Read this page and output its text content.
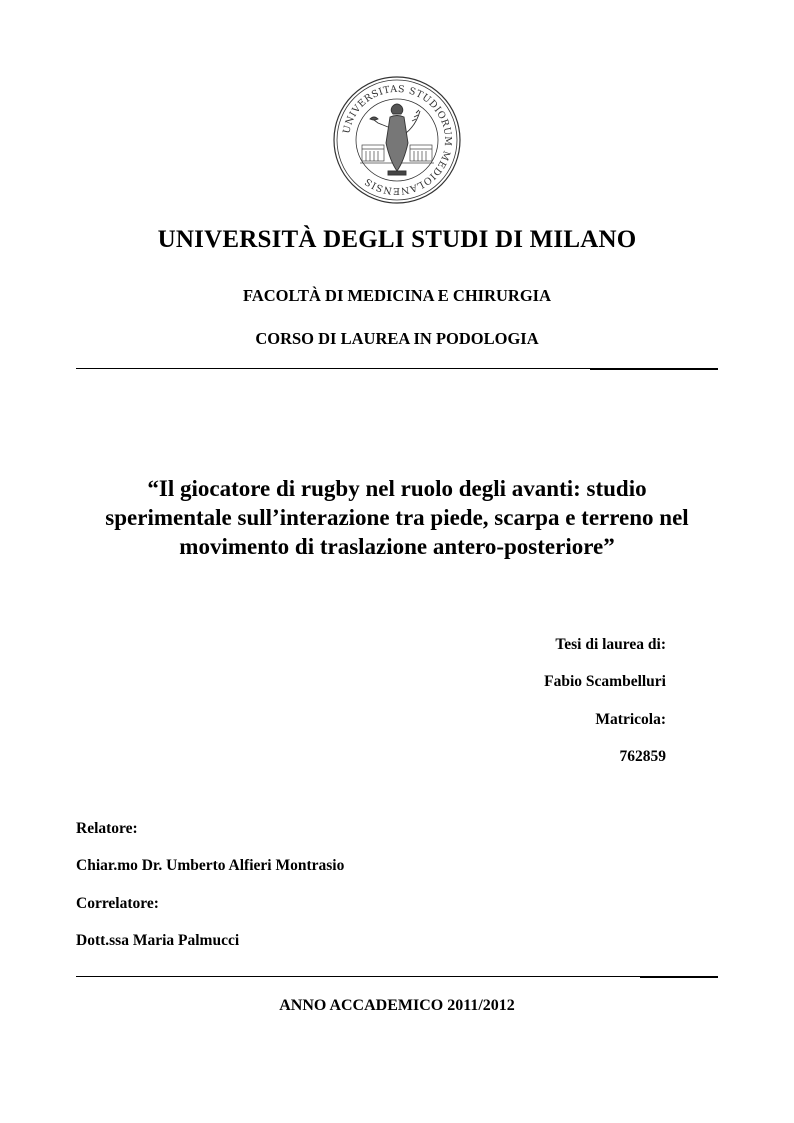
UNIVERSITAS STUDIORUM MEDIOLANENSIS
UNIVERSITÀ DEGLI STUDI DI MILANO
FACOLTÀ DI MEDICINA E CHIRURGIA
CORSO DI LAUREA IN PODOLOGIA
“Il giocatore di rugby nel ruolo degli avanti: studio
sperimentale sull’interazione tra piede, scarpa e terreno nel
movimento di traslazione antero-posteriore”
Tesi di laurea di:
Fabio Scambelluri
Matricola:
762859
Relatore:
Chiar.mo Dr. Umberto Alfieri Montrasio
Correlatore:
Dott.ssa Maria Palmucci
ANNO ACCADEMICO 2011/2012
